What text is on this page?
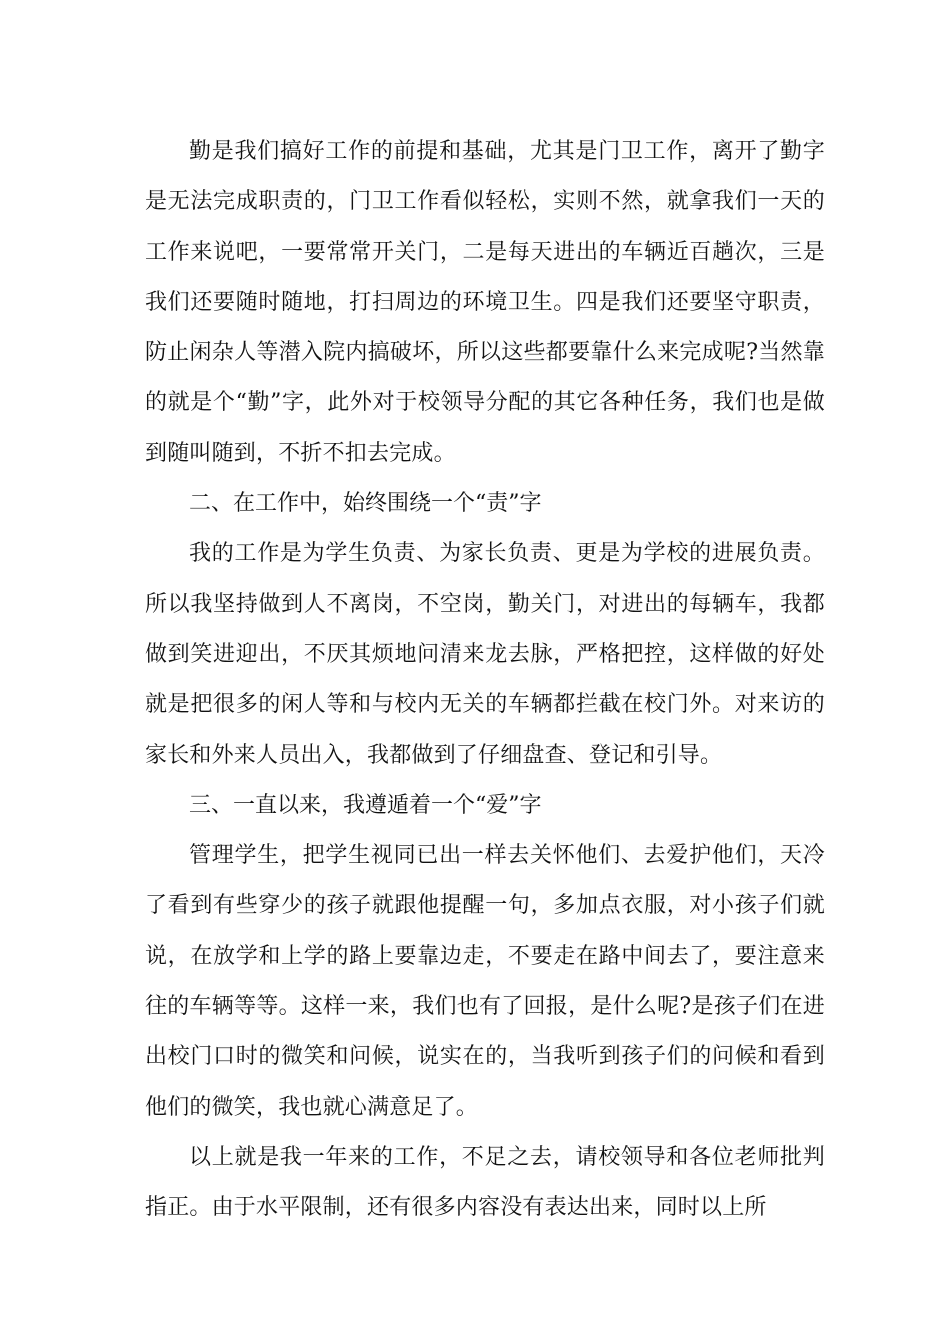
勤是我们搞好工作的前提和基础，尤其是门卫工作，离开了勤字是无法完成职责的，门卫工作看似轻松，实则不然，就拿我们一天的工作来说吧，一要常常开关门，二是每天进出的车辆近百趟次，三是我们还要随时随地，打扫周边的环境卫生。四是我们还要坚守职责，防止闲杂人等潜入院内搞破坏，所以这些都要靠什么来完成呢?当然靠的就是个“勤”字，此外对于校领导分配的其它各种任务，我们也是做到随叫随到，不折不扣去完成。

二、在工作中，始终围绕一个“责”字

我的工作是为学生负责、为家长负责、更是为学校的进展负责。所以我坚持做到人不离岗，不空岗，勤关门，对进出的每辆车，我都做到笑进迎出，不厌其烦地问清来龙去脉，严格把控，这样做的好处就是把很多的闲人等和与校内无关的车辆都拦截在校门外。对来访的家长和外来人员出入，我都做到了仔细盘查、登记和引导。

三、一直以来，我遵遁着一个“爱”字

管理学生，把学生视同已出一样去关怀他们、去爱护他们，天冷了看到有些穿少的孩子就跟他提醒一句，多加点衣服，对小孩子们就说，在放学和上学的路上要靠边走，不要走在路中间去了，要注意来往的车辆等等。这样一来，我们也有了回报，是什么呢?是孩子们在进出校门口时的微笑和问候，说实在的，当我听到孩子们的问候和看到他们的微笑，我也就心满意足了。

以上就是我一年来的工作，不足之去，请校领导和各位老师批判指正。由于水平限制，还有很多内容没有表达出来，同时以上所
